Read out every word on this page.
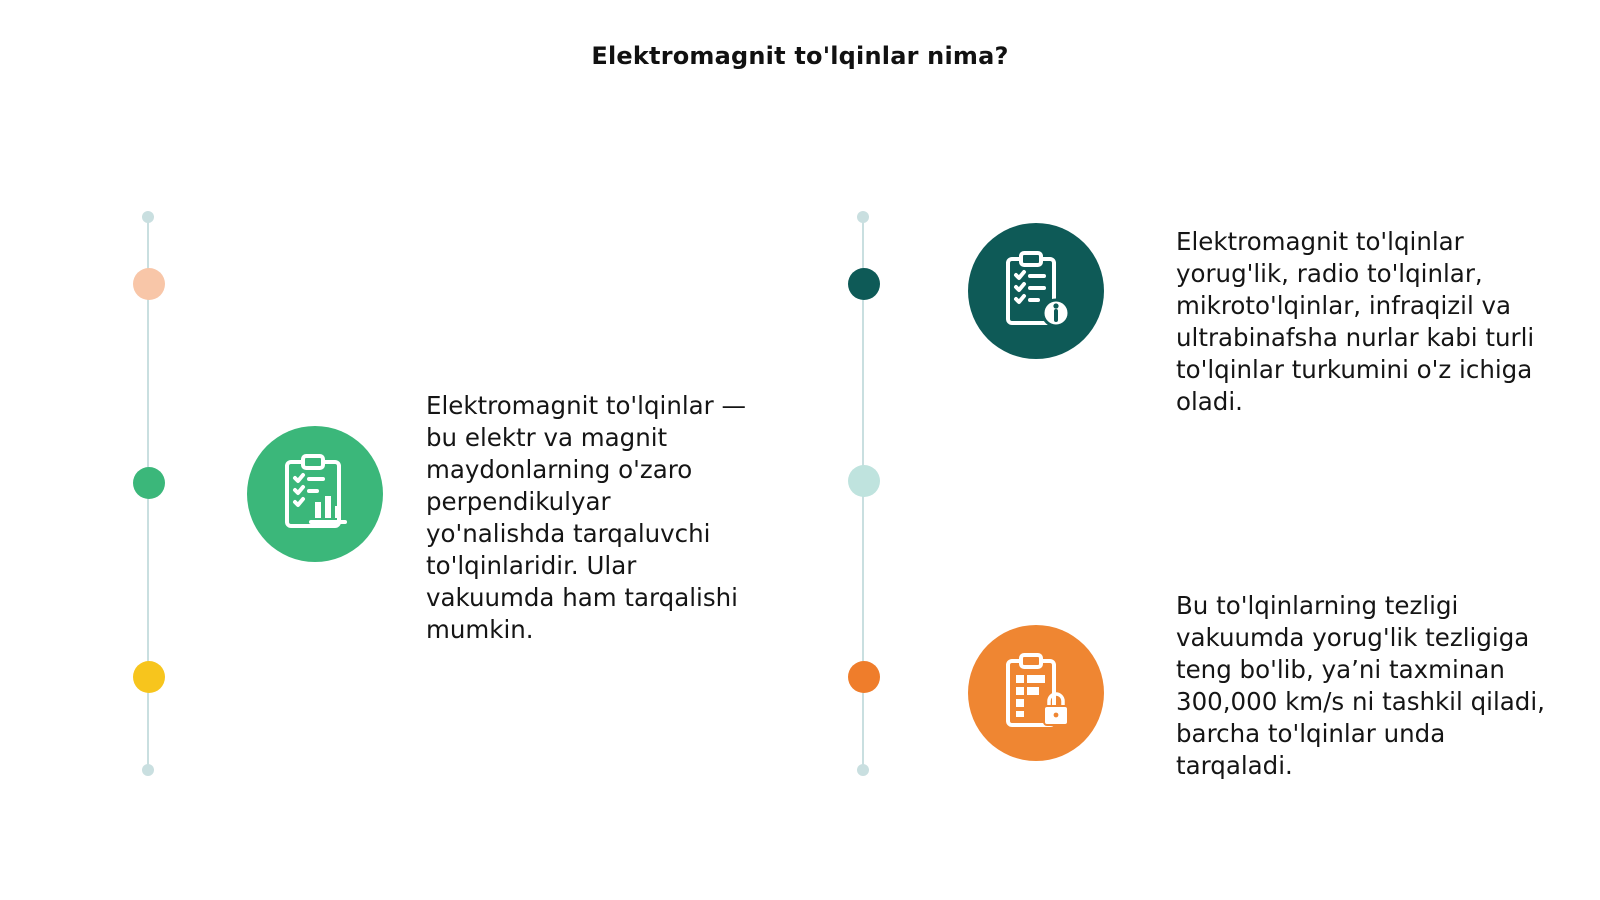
Elektromagnit to'lqinlar nima?

Elektromagnit to'lqinlar — bu elektr va magnit maydonlarning o'zaro perpendikulyar yo'nalishda tarqaluvchi to'lqinlaridir. Ular vakuumda ham tarqalishi mumkin.

Elektromagnit to'lqinlar yorug'lik, radio to'lqinlar, mikroto'lqinlar, infraqizil va ultrabinafsha nurlar kabi turli to'lqinlar turkumini o'z ichiga oladi.

Bu to'lqinlarning tezligi vakuumda yorug'lik tezligiga teng bo'lib, ya’ni taxminan 300,000 km/s ni tashkil qiladi, barcha to'lqinlar unda tarqaladi.
